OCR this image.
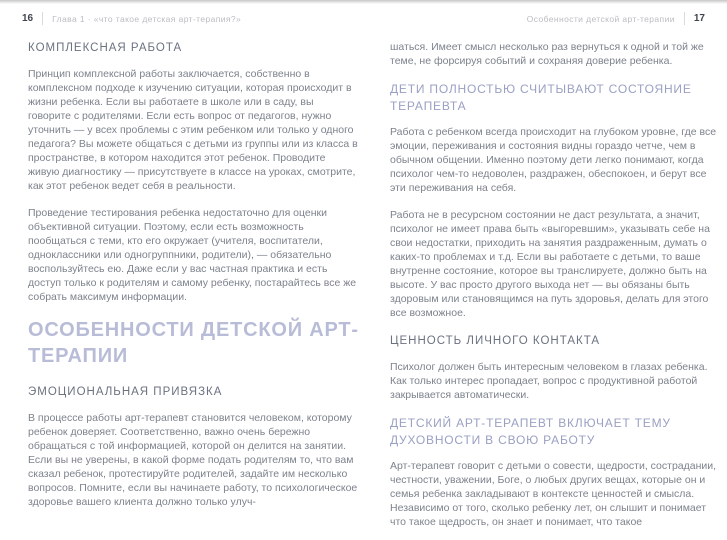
16 Глава 1 · «что такое детская арт-терапия?»	Особенности детской арт-терапии 17
КОМПЛЕКСНАЯ РАБОТА

Принцип комплексной работы заключается, собственно в комплексном подходе к изучению ситуации, которая происходит в жизни ребенка. Если вы работаете в школе или в саду, вы говорите с родителями. Если есть вопрос от педагогов, нужно уточнить — у всех проблемы с этим ребенком или только у одного педагога? Вы можете общаться с детьми из группы или из класса в пространстве, в котором находится этот ребенок. Проводите живую диагностику — присутствуете в классе на уроках, смотрите, как этот ребенок ведет себя в реальности.

Проведение тестирования ребенка недостаточно для оценки объективной ситуации. Поэтому, если есть возможность пообщаться с теми, кто его окружает (учителя, воспитатели, одноклассники или одногруппники, родители), — обязательно воспользуйтесь ею. Даже если у вас частная практика и есть доступ только к родителям и самому ребенку, постарайтесь все же собрать максимум информации.

ОСОБЕННОСТИ ДЕТСКОЙ АРТ-ТЕРАПИИ
ЭМОЦИОНАЛЬНАЯ ПРИВЯЗКА

В процессе работы арт-терапевт становится человеком, которому ребенок доверяет. Соответственно, важно очень бережно обращаться с той информацией, которой он делится на занятии. Если вы не уверены, в какой форме подать родителям то, что вам сказал ребенок, протестируйте родителей, задайте им несколько вопросов. Помните, если вы начинаете работу, то психологическое здоровье вашего клиента должно только улуч-

шаться. Имеет смысл несколько раз вернуться к одной и той же теме, не форсируя событий и сохраняя доверие ребенка.

ДЕТИ ПОЛНОСТЬЮ СЧИТЫВАЮТ СОСТОЯНИЕ ТЕРАПЕВТА

Работа с ребенком всегда происходит на глубоком уровне, где все эмоции, переживания и состояния видны гораздо четче, чем в обычном общении. Именно поэтому дети легко понимают, когда психолог чем-то недоволен, раздражен, обеспокоен, и берут все эти переживания на себя.

Работа не в ресурсном состоянии не даст результата, а значит, психолог не имеет права быть «выгоревшим», указывать себе на свои недостатки, приходить на занятия раздраженным, думать о каких-то проблемах и т.д. Если вы работаете с детьми, то ваше внутренне состояние, которое вы транслируете, должно быть на высоте. У вас просто другого выхода нет — вы обязаны быть здоровым или становящимся на путь здоровья, делать для этого все возможное.

ЦЕННОСТЬ ЛИЧНОГО КОНТАКТА

Психолог должен быть интересным человеком в глазах ребенка. Как только интерес пропадает, вопрос с продуктивной работой закрывается автоматически.

ДЕТСКИЙ АРТ-ТЕРАПЕВТ ВКЛЮЧАЕТ ТЕМУ ДУХОВНОСТИ В СВОЮ РАБОТУ

Арт-терапевт говорит с детьми о совести, щедрости, сострадании, честности, уважении, Боге, о любых других вещах, которые он и семья ребенка закладывают в контексте ценностей и смысла. Независимо от того, сколько ребенку лет, он слышит и понимает что такое щедрость, он знает и понимает, что такое
